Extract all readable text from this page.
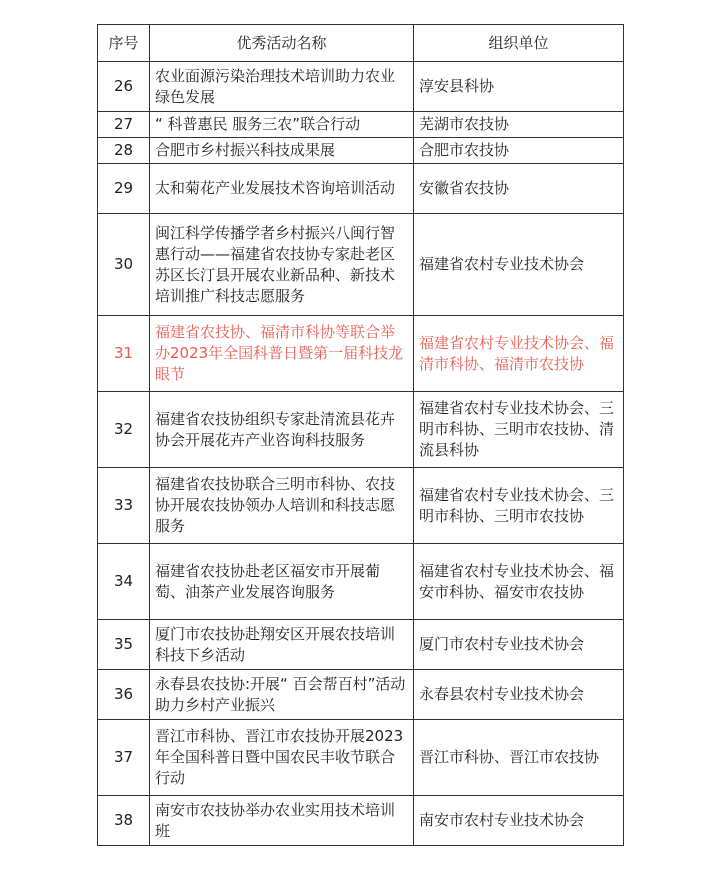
序号	优秀活动名称	组织单位
26	农业面源污染治理技术培训助力农业绿色发展	淳安县科协
27	“ 科普惠民 服务三农”联合行动	芜湖市农技协
28	合肥市乡村振兴科技成果展	合肥市农技协
29	太和菊花产业发展技术咨询培训活动	安徽省农技协
30	闽江科学传播学者乡村振兴八闽行智惠行动——福建省农技协专家赴老区苏区长汀县开展农业新品种、新技术培训推广科技志愿服务	福建省农村专业技术协会
31	福建省农技协、福清市科协等联合举办2023年全国科普日暨第一届科技龙眼节	福建省农村专业技术协会、福清市科协、福清市农技协
32	福建省农技协组织专家赴清流县花卉协会开展花卉产业咨询科技服务	福建省农村专业技术协会、三明市科协、三明市农技协、清流县科协
33	福建省农技协联合三明市科协、农技协开展农技协领办人培训和科技志愿服务	福建省农村专业技术协会、三明市科协、三明市农技协
34	福建省农技协赴老区福安市开展葡萄、油茶产业发展咨询服务	福建省农村专业技术协会、福安市科协、福安市农技协
35	厦门市农技协赴翔安区开展农技培训科技下乡活动	厦门市农村专业技术协会
36	永春县农技协:开展“ 百会帮百村”活动 助力乡村产业振兴	永春县农村专业技术协会
37	晋江市科协、晋江市农技协开展2023年全国科普日暨中国农民丰收节联合行动	晋江市科协、晋江市农技协
38	南安市农技协举办农业实用技术培训班	南安市农村专业技术协会
